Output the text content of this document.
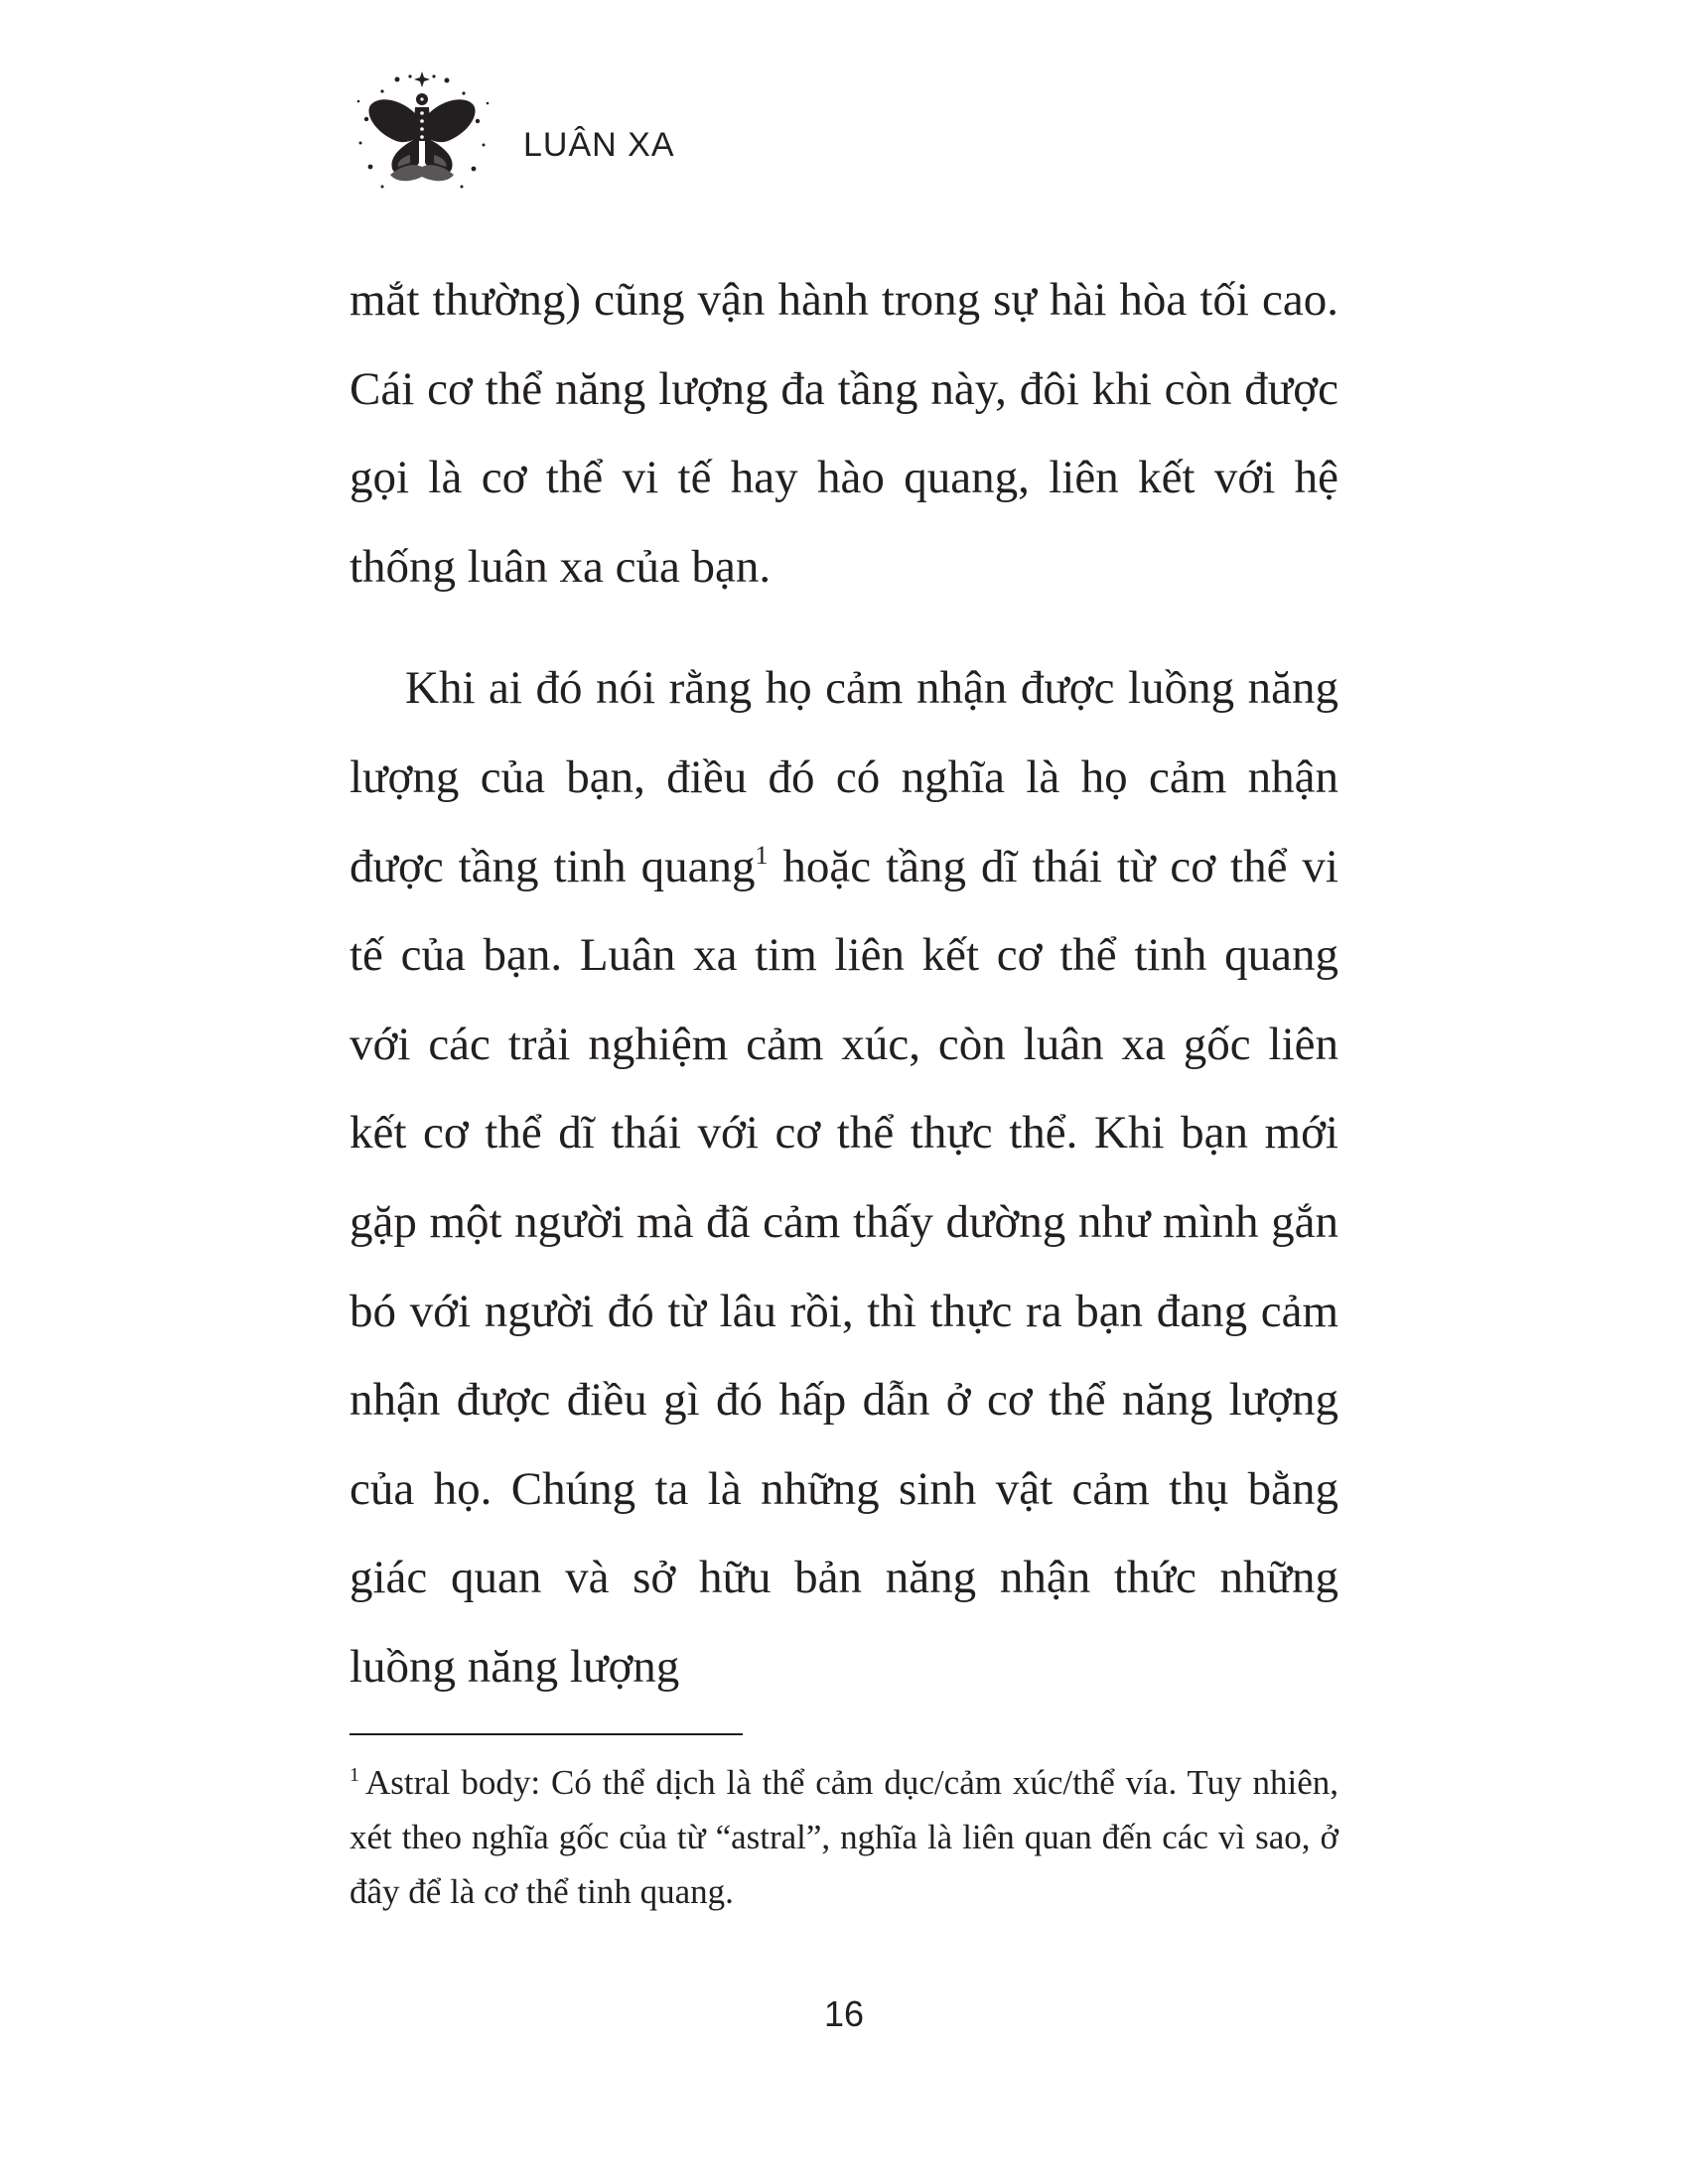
LUÂN XA

mắt thường) cũng vận hành trong sự hài hòa tối cao. Cái cơ thể năng lượng đa tầng này, đôi khi còn được gọi là cơ thể vi tế hay hào quang, liên kết với hệ thống luân xa của bạn.

Khi ai đó nói rằng họ cảm nhận được luồng năng lượng của bạn, điều đó có nghĩa là họ cảm nhận được tầng tinh quang$^1$ hoặc tầng dĩ thái từ cơ thể vi tế của bạn. Luân xa tim liên kết cơ thể tinh quang với các trải nghiệm cảm xúc, còn luân xa gốc liên kết cơ thể dĩ thái với cơ thể thực thể. Khi bạn mới gặp một người mà đã cảm thấy dường như mình gắn bó với người đó từ lâu rồi, thì thực ra bạn đang cảm nhận được điều gì đó hấp dẫn ở cơ thể năng lượng của họ. Chúng ta là những sinh vật cảm thụ bằng giác quan và sở hữu bản năng nhận thức những luồng năng lượng

$^1$ Astral body: Có thể dịch là thể cảm dục/cảm xúc/thể vía. Tuy nhiên, xét theo nghĩa gốc của từ “astral”, nghĩa là liên quan đến các vì sao, ở đây để là cơ thể tinh quang.

16
